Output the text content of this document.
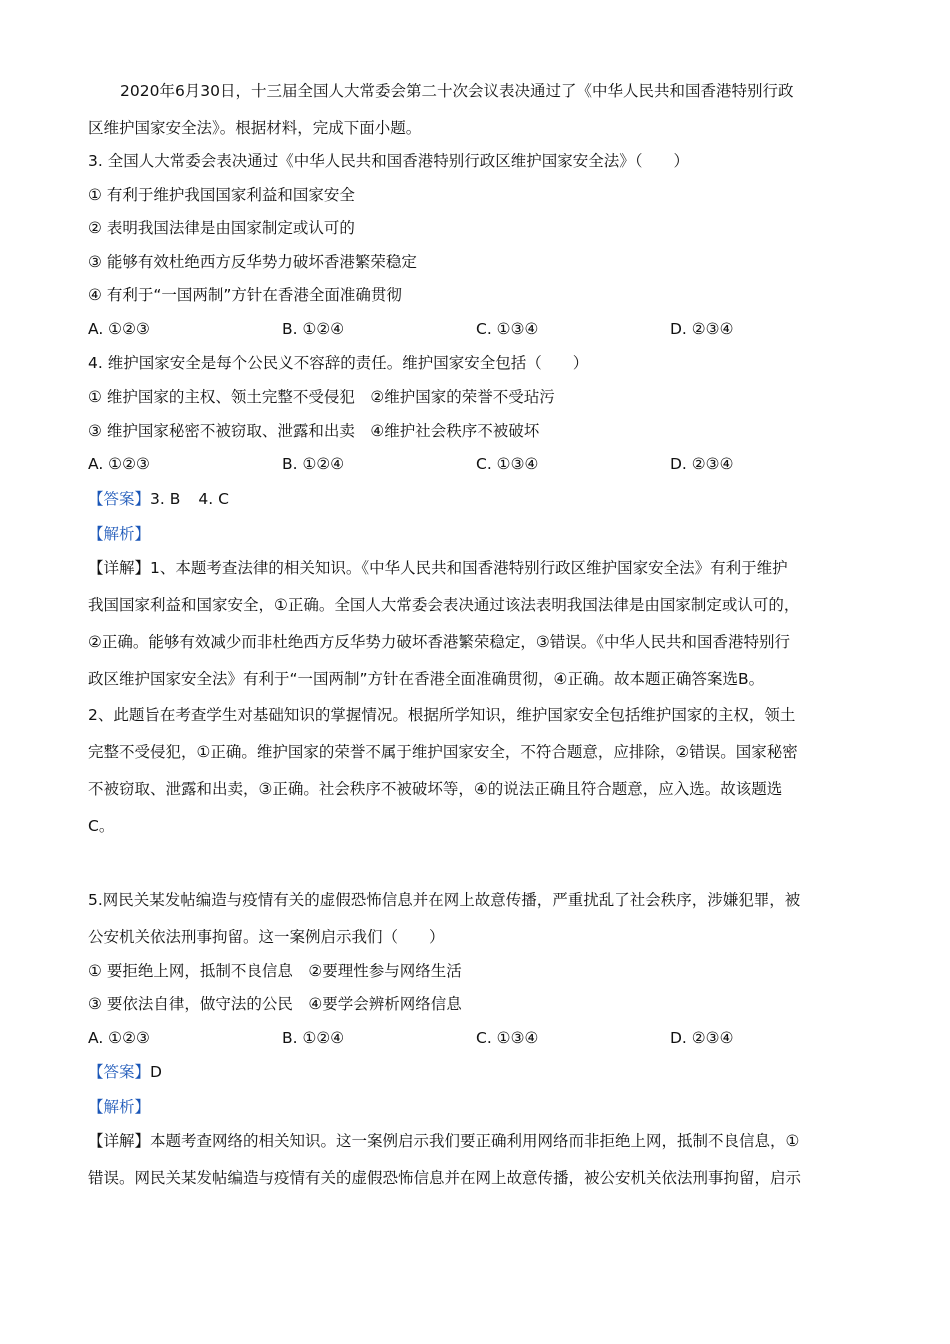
2020年6月30日，十三届全国人大常委会第二十次会议表决通过了《中华人民共和国香港特别行政
区维护国家安全法》。根据材料，完成下面小题。
3. 全国人大常委会表决通过《中华人民共和国香港特别行政区维护国家安全法》（　　）
① 有利于维护我国国家利益和国家安全
② 表明我国法律是由国家制定或认可的
③ 能够有效杜绝西方反华势力破坏香港繁荣稳定
④ 有利于“一国两制”方针在香港全面准确贯彻
A. ①②③	B. ①②④	C. ①③④	D. ②③④
4. 维护国家安全是每个公民义不容辞的责任。维护国家安全包括（　　）
① 维护国家的主权、领土完整不受侵犯　②维护国家的荣誉不受玷污
③ 维护国家秘密不被窃取、泄露和出卖　④维护社会秩序不被破坏
A. ①②③	B. ①②④	C. ①③④	D. ②③④
【答案】3. B 4. C
【解析】
【详解】1、本题考查法律的相关知识。《中华人民共和国香港特别行政区维护国家安全法》有利于维护
我国国家利益和国家安全，①正确。全国人大常委会表决通过该法表明我国法律是由国家制定或认可的，
②正确。能够有效减少而非杜绝西方反华势力破坏香港繁荣稳定，③错误。《中华人民共和国香港特别行
政区维护国家安全法》有利于“一国两制”方针在香港全面准确贯彻，④正确。故本题正确答案选B。
2、此题旨在考查学生对基础知识的掌握情况。根据所学知识，维护国家安全包括维护国家的主权，领土
完整不受侵犯，①正确。维护国家的荣誉不属于维护国家安全，不符合题意，应排除，②错误。国家秘密
不被窃取、泄露和出卖，③正确。社会秩序不被破坏等，④的说法正确且符合题意，应入选。故该题选
C。
5.网民关某发帖编造与疫情有关的虚假恐怖信息并在网上故意传播，严重扰乱了社会秩序，涉嫌犯罪，被
公安机关依法刑事拘留。这一案例启示我们（　　）
① 要拒绝上网，抵制不良信息　②要理性参与网络生活
③ 要依法自律，做守法的公民　④要学会辨析网络信息
A. ①②③	B. ①②④	C. ①③④	D. ②③④
【答案】D
【解析】
【详解】本题考查网络的相关知识。这一案例启示我们要正确利用网络而非拒绝上网，抵制不良信息，①
错误。网民关某发帖编造与疫情有关的虚假恐怖信息并在网上故意传播，被公安机关依法刑事拘留，启示
